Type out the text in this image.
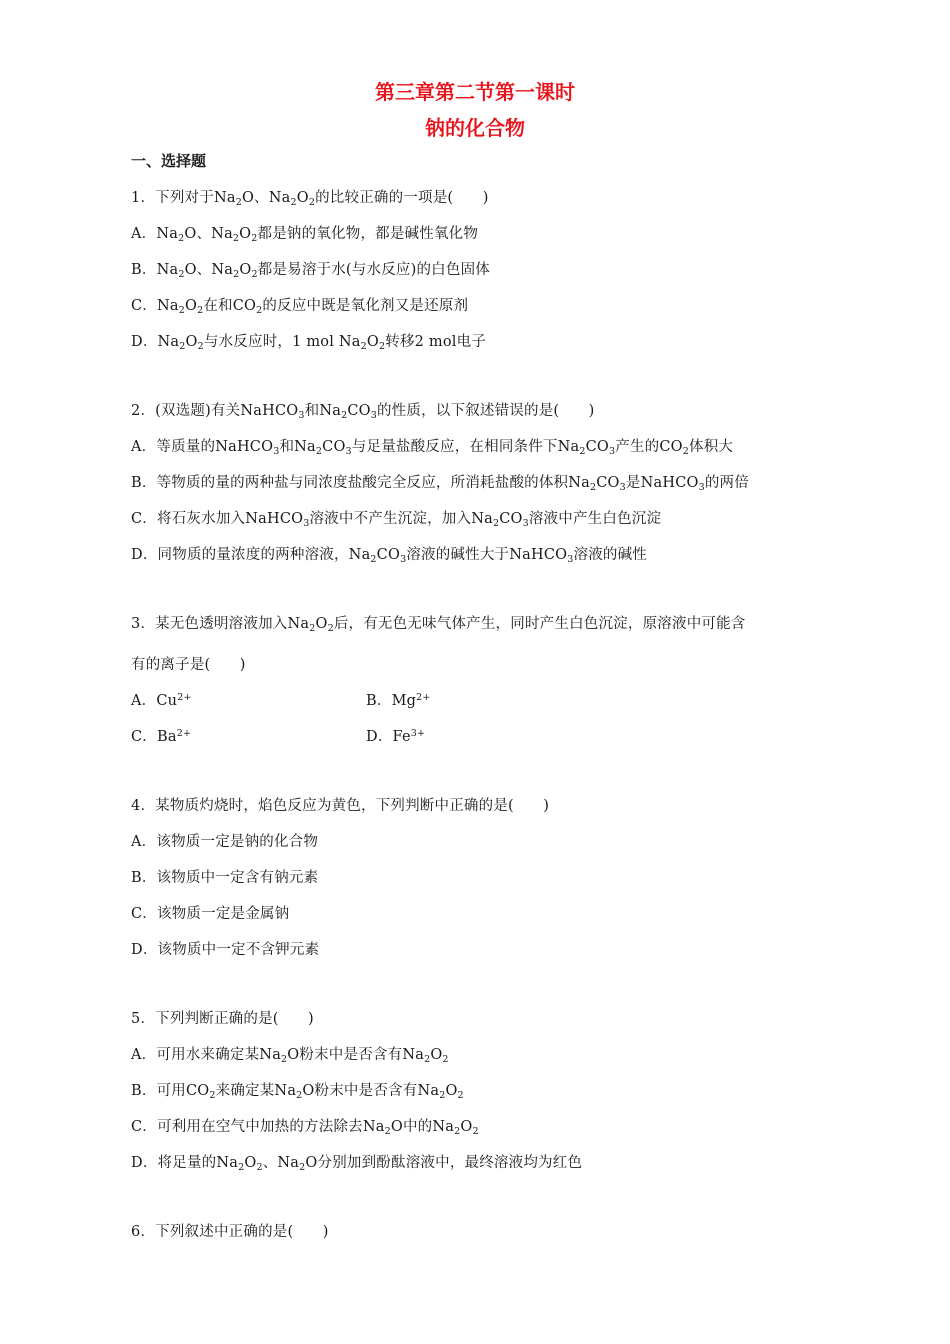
第三章第二节第一课时
钠的化合物
一、选择题
1．下列对于$Na_2O$、$Na_2O_2$的比较正确的一项是(　　 )
A．$Na_2O$、$Na_2O_2$都是钠的氧化物，都是碱性氧化物
B．$Na_2O$、$Na_2O_2$都是易溶于水(与水反应)的白色固体
C．$Na_2O_2$在和$CO_2$的反应中既是氧化剂又是还原剂
D．$Na_2O_2$与水反应时，1 mol $Na_2O_2$转移2 mol电子
2．(双选题)有关NaHCO$_3$和$Na_2CO_3$的性质，以下叙述错误的是(　　 )
A．等质量的NaHCO$_3$和$Na_2CO_3$与足量盐酸反应，在相同条件下$Na_2CO_3$产生的$CO_2$体积大
B．等物质的量的两种盐与同浓度盐酸完全反应，所消耗盐酸的体积$Na_2CO_3$是NaHCO$_3$的两倍
C．将石灰水加入NaHCO$_3$溶液中不产生沉淀，加入$Na_2CO_3$溶液中产生白色沉淀
D．同物质的量浓度的两种溶液，$Na_2CO_3$溶液的碱性大于NaHCO$_3$溶液的碱性
3．某无色透明溶液加入$Na_2O_2$后，有无色无味气体产生，同时产生白色沉淀，原溶液中可能含
有的离子是(　　 )
A．$Cu^{2+}$	B．$Mg^{2+}$
C．$Ba^{2+}$	D．$Fe^{3+}$
4．某物质灼烧时，焰色反应为黄色，下列判断中正确的是(　　 )
A．该物质一定是钠的化合物
B．该物质中一定含有钠元素
C．该物质一定是金属钠
D．该物质中一定不含钾元素
5．下列判断正确的是(　　 )
A．可用水来确定某$Na_2O$粉末中是否含有$Na_2O_2$
B．可用$CO_2$来确定某$Na_2O$粉末中是否含有$Na_2O_2$
C．可利用在空气中加热的方法除去$Na_2O$中的$Na_2O_2$
D．将足量的$Na_2O_2$、$Na_2O$分别加到酚酞溶液中，最终溶液均为红色
6．下列叙述中正确的是(　　 )
